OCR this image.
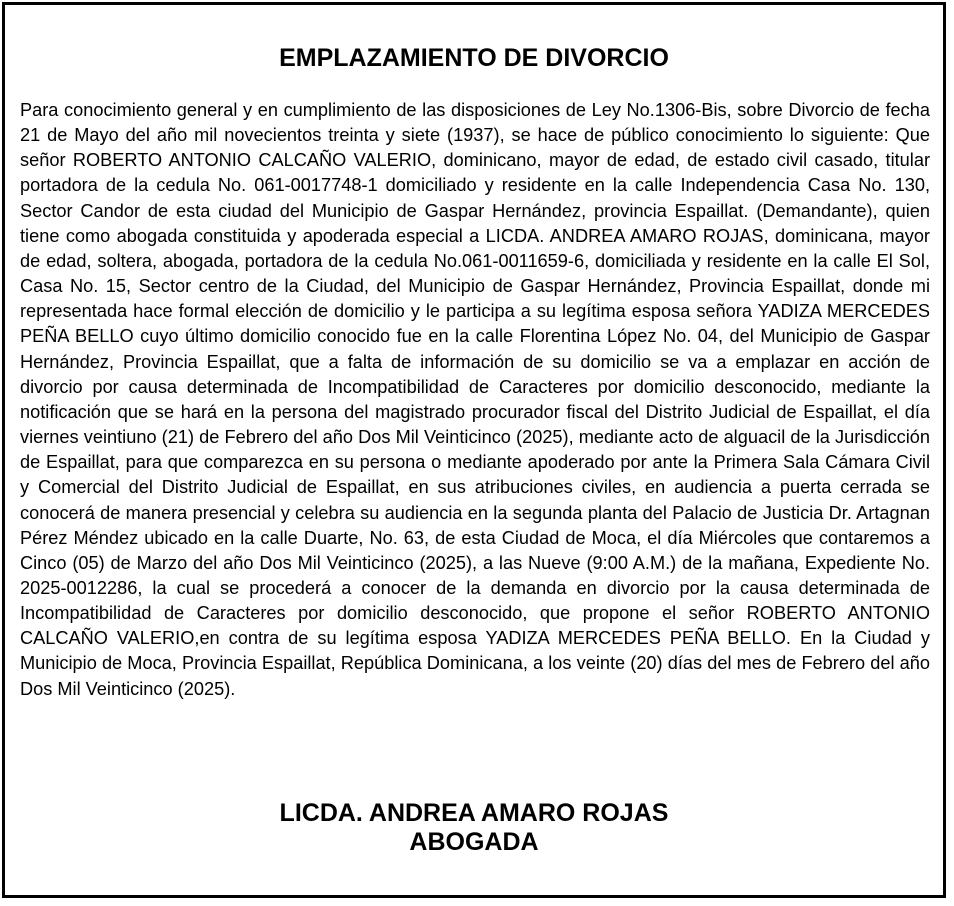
EMPLAZAMIENTO DE DIVORCIO

Para conocimiento general y en cumplimiento de las disposiciones de Ley No.1306-Bis, sobre Divorcio de fecha 21 de Mayo del año mil novecientos treinta y siete (1937), se hace de público conocimiento lo siguiente: Que señor ROBERTO ANTONIO CALCAÑO VALERIO, dominicano, mayor de edad, de estado civil casado, titular portadora de la cedula No. 061-0017748-1 domiciliado y residente en la calle Independencia Casa No. 130, Sector Candor de esta ciudad del Municipio de Gaspar Hernández, provincia Espaillat. (Demandante), quien tiene como abogada constituida y apoderada especial a LICDA. ANDREA AMARO ROJAS, dominicana, mayor de edad, soltera, abogada, portadora de la cedula No.061-0011659-6, domiciliada y residente en la calle El Sol, Casa No. 15, Sector centro de la Ciudad, del Municipio de Gaspar Hernández, Provincia Espaillat, donde mi representada hace formal elección de domicilio y le participa a su legítima esposa señora YADIZA MERCEDES PEÑA BELLO cuyo último domicilio conocido fue en la calle Florentina López No. 04, del Municipio de Gaspar Hernández, Provincia Espaillat, que a falta de información de su domicilio se va a emplazar en acción de divorcio por causa determinada de Incompatibilidad de Caracteres por domicilio desconocido, mediante la notificación que se hará en la persona del magistrado procurador fiscal del Distrito Judicial de Espaillat, el día viernes veintiuno (21) de Febrero del año Dos Mil Veinticinco (2025), mediante acto de alguacil de la Jurisdicción de Espaillat, para que comparezca en su persona o mediante apoderado por ante la Primera Sala Cámara Civil y Comercial del Distrito Judicial de Espaillat, en sus atribuciones civiles, en audiencia a puerta cerrada se conocerá de manera presencial y celebra su audiencia en la segunda planta del Palacio de Justicia Dr. Artagnan Pérez Méndez ubicado en la calle Duarte, No. 63, de esta Ciudad de Moca, el día Miércoles que contaremos a Cinco (05) de Marzo del año Dos Mil Veinticinco (2025), a las Nueve (9:00 A.M.) de la mañana, Expediente No. 2025-0012286, la cual se procederá a conocer de la demanda en divorcio por la causa determinada de Incompatibilidad de Caracteres por domicilio desconocido, que propone el señor ROBERTO ANTONIO CALCAÑO VALERIO,en contra de su legítima esposa YADIZA MERCEDES PEÑA BELLO. En la Ciudad y Municipio de Moca, Provincia Espaillat, República Dominicana, a los veinte (20) días del mes de Febrero del año Dos Mil Veinticinco (2025).

LICDA. ANDREA AMARO ROJAS
ABOGADA
